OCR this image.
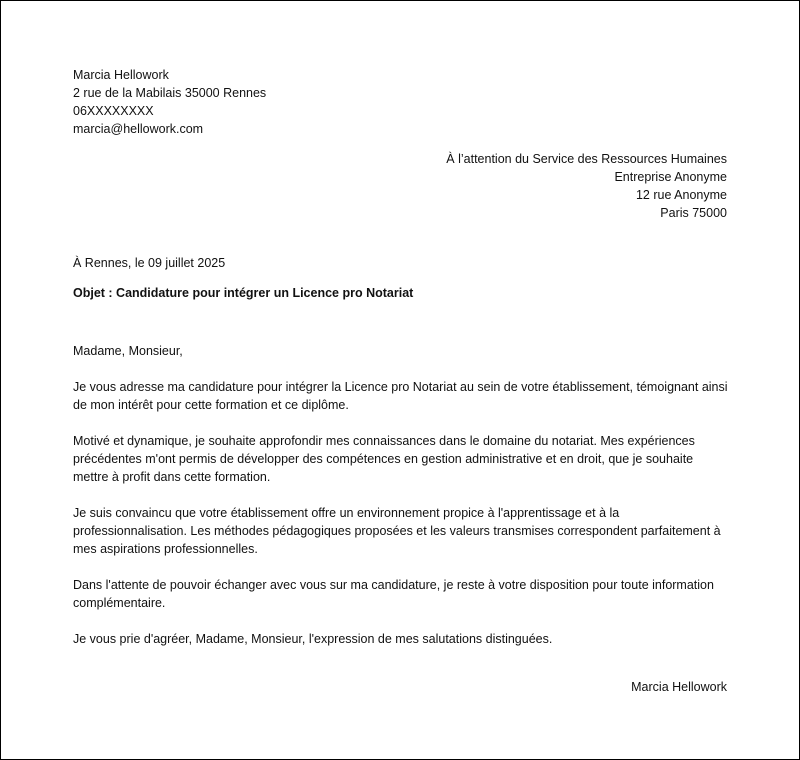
Marcia Hellowork
2 rue de la Mabilais 35000 Rennes
06XXXXXXXX
marcia@hellowork.com
À l’attention du Service des Ressources Humaines
Entreprise Anonyme
12 rue Anonyme
Paris 75000
À Rennes, le 09 juillet 2025
Objet : Candidature pour intégrer un Licence pro Notariat

Madame, Monsieur,

Je vous adresse ma candidature pour intégrer la Licence pro Notariat au sein de votre établissement, témoignant ainsi de mon intérêt pour cette formation et ce diplôme.

Motivé et dynamique, je souhaite approfondir mes connaissances dans le domaine du notariat. Mes expériences précédentes m'ont permis de développer des compétences en gestion administrative et en droit, que je souhaite mettre à profit dans cette formation.

Je suis convaincu que votre établissement offre un environnement propice à l'apprentissage et à la professionnalisation. Les méthodes pédagogiques proposées et les valeurs transmises correspondent parfaitement à mes aspirations professionnelles.

Dans l'attente de pouvoir échanger avec vous sur ma candidature, je reste à votre disposition pour toute information complémentaire.

Je vous prie d'agréer, Madame, Monsieur, l'expression de mes salutations distinguées.

Marcia Hellowork
